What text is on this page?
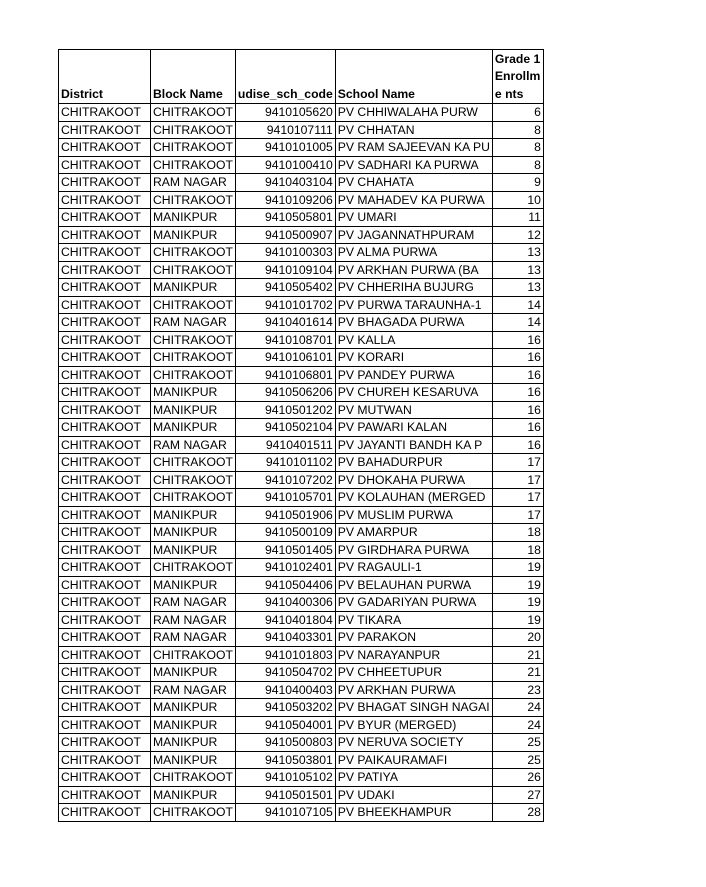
District	Block Name	udise_sch_code	School Name	Grade 1 Enrollme nts
CHITRAKOOT	CHITRAKOOT	9410105620	PV CHHIWALAHA PURW	6
CHITRAKOOT	CHITRAKOOT	9410107111	PV CHHATAN	8
CHITRAKOOT	CHITRAKOOT	9410101005	PV RAM SAJEEVAN KA PU	8
CHITRAKOOT	CHITRAKOOT	9410100410	PV SADHARI KA PURWA	8
CHITRAKOOT	RAM NAGAR	9410403104	PV CHAHATA	9
CHITRAKOOT	CHITRAKOOT	9410109206	PV MAHADEV KA PURWA	10
CHITRAKOOT	MANIKPUR	9410505801	PV UMARI	11
CHITRAKOOT	MANIKPUR	9410500907	PV JAGANNATHPURAM	12
CHITRAKOOT	CHITRAKOOT	9410100303	PV ALMA PURWA	13
CHITRAKOOT	CHITRAKOOT	9410109104	PV ARKHAN PURWA (BA	13
CHITRAKOOT	MANIKPUR	9410505402	PV CHHERIHA BUJURG	13
CHITRAKOOT	CHITRAKOOT	9410101702	PV PURWA TARAUNHA-1	14
CHITRAKOOT	RAM NAGAR	9410401614	PV BHAGADA PURWA	14
CHITRAKOOT	CHITRAKOOT	9410108701	PV KALLA	16
CHITRAKOOT	CHITRAKOOT	9410106101	PV KORARI	16
CHITRAKOOT	CHITRAKOOT	9410106801	PV PANDEY PURWA	16
CHITRAKOOT	MANIKPUR	9410506206	PV CHUREH KESARUVA	16
CHITRAKOOT	MANIKPUR	9410501202	PV MUTWAN	16
CHITRAKOOT	MANIKPUR	9410502104	PV PAWARI KALAN	16
CHITRAKOOT	RAM NAGAR	9410401511	PV JAYANTI BANDH KA P	16
CHITRAKOOT	CHITRAKOOT	9410101102	PV BAHADURPUR	17
CHITRAKOOT	CHITRAKOOT	9410107202	PV DHOKAHA PURWA	17
CHITRAKOOT	CHITRAKOOT	9410105701	PV KOLAUHAN (MERGED	17
CHITRAKOOT	MANIKPUR	9410501906	PV MUSLIM PURWA	17
CHITRAKOOT	MANIKPUR	9410500109	PV AMARPUR	18
CHITRAKOOT	MANIKPUR	9410501405	PV GIRDHARA PURWA	18
CHITRAKOOT	CHITRAKOOT	9410102401	PV RAGAULI-1	19
CHITRAKOOT	MANIKPUR	9410504406	PV BELAUHAN PURWA	19
CHITRAKOOT	RAM NAGAR	9410400306	PV GADARIYAN PURWA	19
CHITRAKOOT	RAM NAGAR	9410401804	PV TIKARA	19
CHITRAKOOT	RAM NAGAR	9410403301	PV PARAKON	20
CHITRAKOOT	CHITRAKOOT	9410101803	PV NARAYANPUR	21
CHITRAKOOT	MANIKPUR	9410504702	PV CHHEETUPUR	21
CHITRAKOOT	RAM NAGAR	9410400403	PV ARKHAN PURWA	23
CHITRAKOOT	MANIKPUR	9410503202	PV BHAGAT SINGH NAGAI	24
CHITRAKOOT	MANIKPUR	9410504001	PV BYUR (MERGED)	24
CHITRAKOOT	MANIKPUR	9410500803	PV NERUVA SOCIETY	25
CHITRAKOOT	MANIKPUR	9410503801	PV PAIKAURAMAFI	25
CHITRAKOOT	CHITRAKOOT	9410105102	PV PATIYA	26
CHITRAKOOT	MANIKPUR	9410501501	PV UDAKI	27
CHITRAKOOT	CHITRAKOOT	9410107105	PV BHEEKHAMPUR	28
